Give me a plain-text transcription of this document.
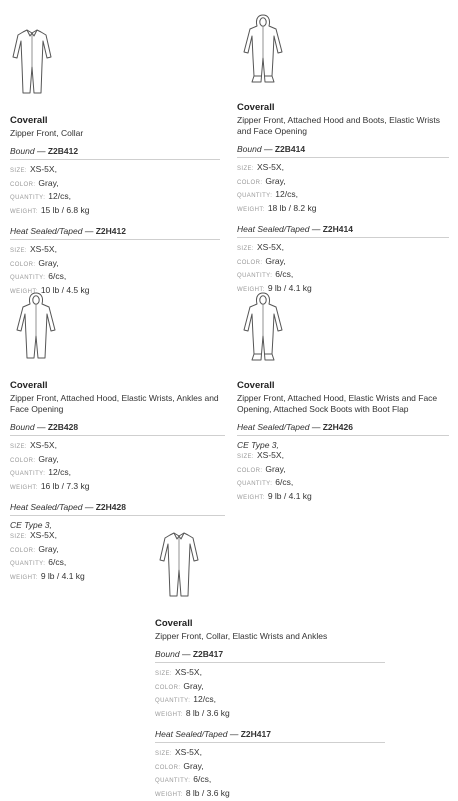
Coverall
Zipper Front, Collar
Bound — Z2B412
SIZE: XS-5X,
COLOR: Gray,
QUANTITY: 12/cs,
WEIGHT: 15 lb / 6.8 kg
Heat Sealed/Taped — Z2H412
SIZE: XS-5X,
COLOR: Gray,
QUANTITY: 6/cs,
WEIGHT: 10 lb / 4.5 kg
Coverall
Zipper Front, Attached Hood and Boots, Elastic Wrists and Face Opening
Bound — Z2B414
SIZE: XS-5X,
COLOR: Gray,
QUANTITY: 12/cs,
WEIGHT: 18 lb / 8.2 kg
Heat Sealed/Taped — Z2H414
SIZE: XS-5X,
COLOR: Gray,
QUANTITY: 6/cs,
WEIGHT: 9 lb / 4.1 kg
Coverall
Zipper Front, Attached Hood, Elastic Wrists, Ankles and Face Opening
Bound — Z2B428
SIZE: XS-5X,
COLOR: Gray,
QUANTITY: 12/cs,
WEIGHT: 16 lb / 7.3 kg
Heat Sealed/Taped — Z2H428
CE Type 3,
SIZE: XS-5X,
COLOR: Gray,
QUANTITY: 6/cs,
WEIGHT: 9 lb / 4.1 kg
Coverall
Zipper Front, Attached Hood, Elastic Wrists and Face Opening, Attached Sock Boots with Boot Flap
Heat Sealed/Taped — Z2H426
CE Type 3,
SIZE: XS-5X,
COLOR: Gray,
QUANTITY: 6/cs,
WEIGHT: 9 lb / 4.1 kg
Coverall
Zipper Front, Collar, Elastic Wrists and Ankles
Bound — Z2B417
SIZE: XS-5X,
COLOR: Gray,
QUANTITY: 12/cs,
WEIGHT: 8 lb / 3.6 kg
Heat Sealed/Taped — Z2H417
SIZE: XS-5X,
COLOR: Gray,
QUANTITY: 6/cs,
WEIGHT: 8 lb / 3.6 kg
